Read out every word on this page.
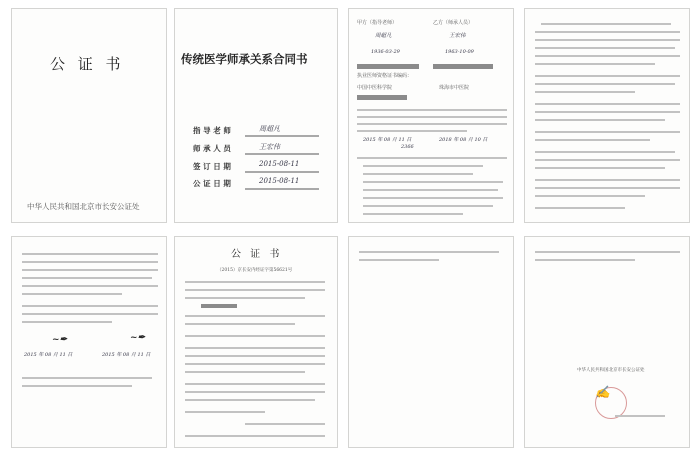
公 证 书
中华人民共和国北京市长安公证处
传统医学师承关系合同书
指 导 老 师	周超凡
师 承 人 员	王宏伟
签 订 日 期	2015-08-11
公 证 日 期	2015-08-11
甲方（指导老师）	乙方（师承人员）
周超凡	王宏伟
1936-03-29	1963-10-09
执业医师资格证书编码：
中国中医科学院	珠海市中医院
2015 年 08 月 11 日	2018 年 08 月 10 日
2366
~✒	~✒
2015 年 08 月 11 日	2015 年 08 月 11 日
公 证 书
（2015）京长安内经证字第56621号
中华人民共和国北京市长安公证处
✍
